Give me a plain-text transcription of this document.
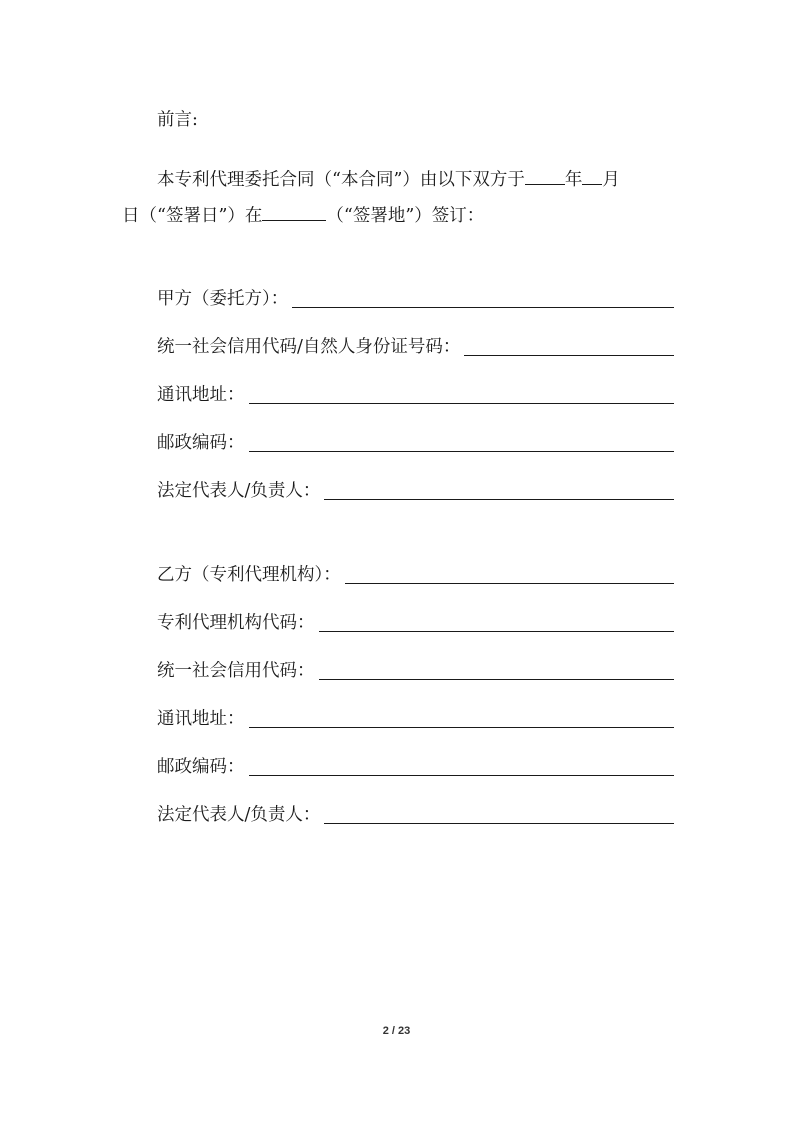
前言:
本专利代理委托合同（“本合同”）由以下双方于 年 月
日（“签署日”）在	（“签署地”）签订：
甲方（委托方）：
统一社会信用代码/自然人身份证号码：
通讯地址：
邮政编码：
法定代表人/负责人：
乙方（专利代理机构）：
专利代理机构代码：
统一社会信用代码：
通讯地址：
邮政编码：
法定代表人/负责人：
2 / 23
